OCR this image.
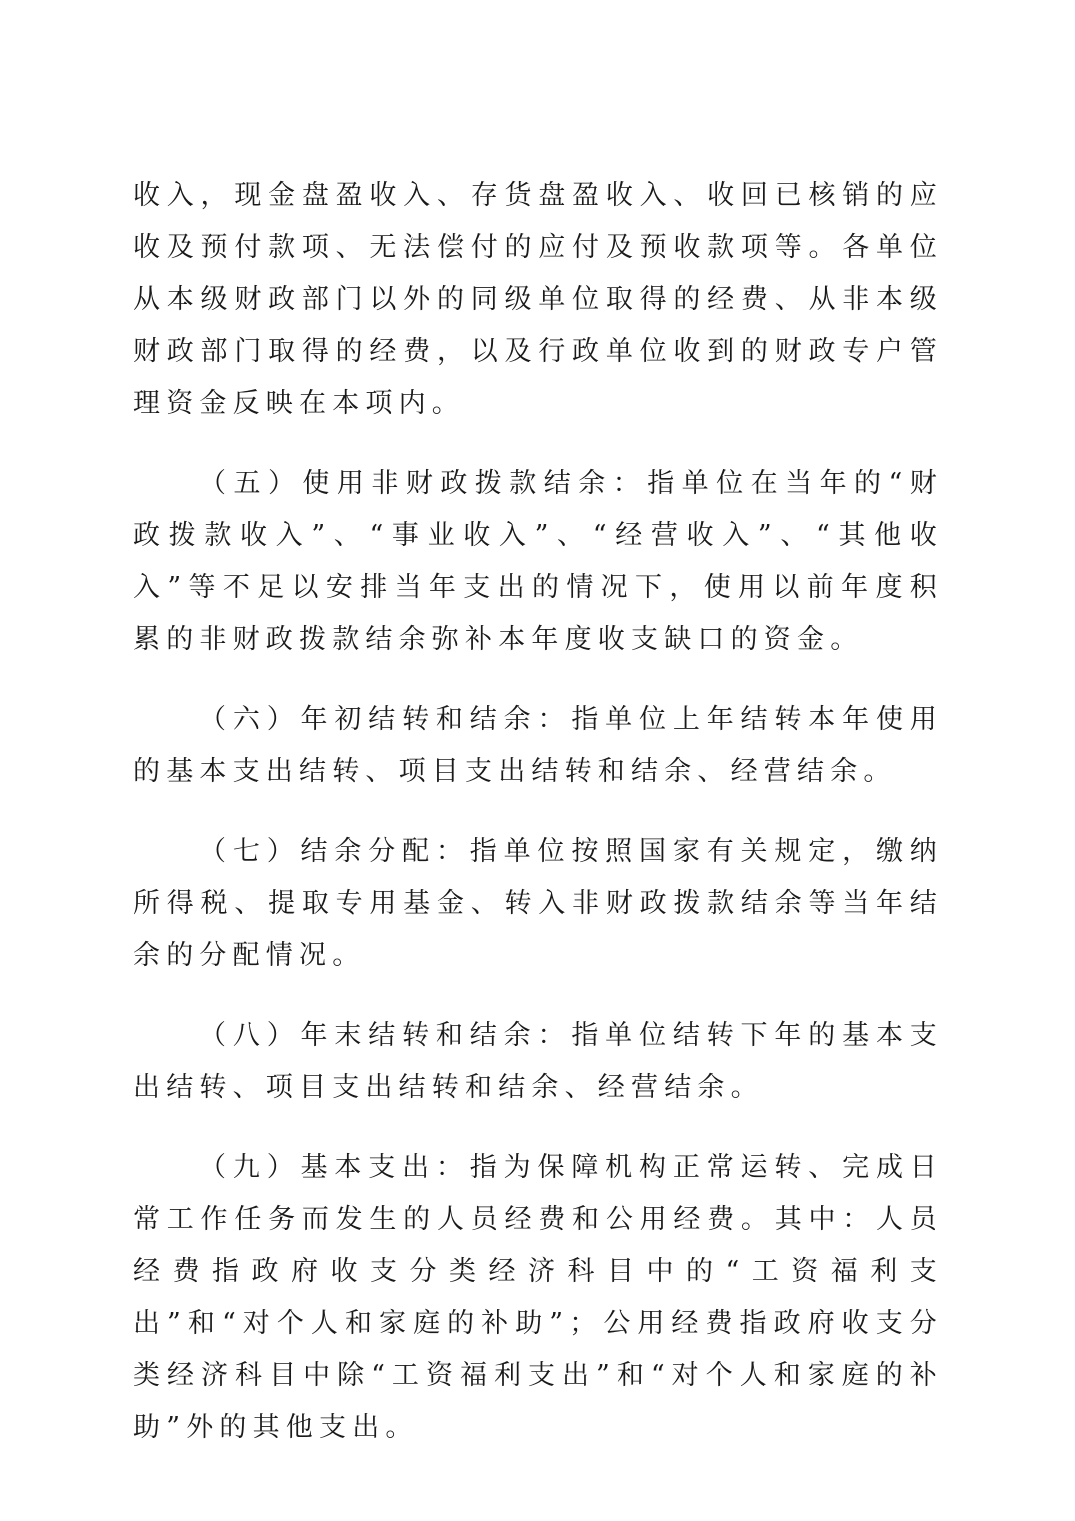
收入，现金盘盈收入、存货盘盈收入、收回已核销的应收及预付款项、无法偿付的应付及预收款项等。各单位从本级财政部门以外的同级单位取得的经费、从非本级财政部门取得的经费，以及行政单位收到的财政专户管理资金反映在本项内。

（五）使用非财政拨款结余：指单位在当年的“财政拨款收入”、“事业收入”、“经营收入”、“其他收入”等不足以安排当年支出的情况下，使用以前年度积累的非财政拨款结余弥补本年度收支缺口的资金。

（六）年初结转和结余：指单位上年结转本年使用的基本支出结转、项目支出结转和结余、经营结余。

（七）结余分配：指单位按照国家有关规定，缴纳所得税、提取专用基金、转入非财政拨款结余等当年结余的分配情况。

（八）年末结转和结余：指单位结转下年的基本支出结转、项目支出结转和结余、经营结余。

（九）基本支出：指为保障机构正常运转、完成日常工作任务而发生的人员经费和公用经费。其中：人员经费指政府收支分类经济科目中的“工资福利支出”和“对个人和家庭的补助”；公用经费指政府收支分类经济科目中除“工资福利支出”和“对个人和家庭的补助”外的其他支出。
